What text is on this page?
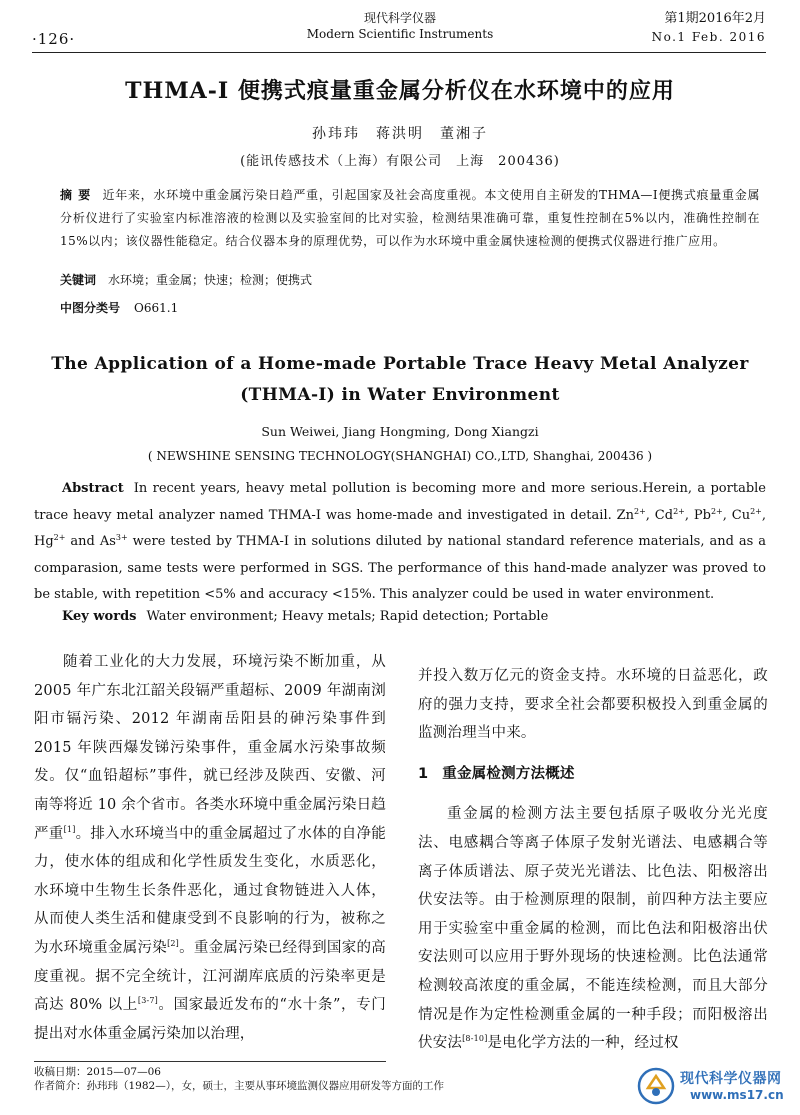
·126·
现代科学仪器
Modern Scientific Instruments
第1期2016年2月
No.1 Feb. 2016
THMA-I 便携式痕量重金属分析仪在水环境中的应用
孙玮玮　蒋洪明　董湘子
(能讯传感技术（上海）有限公司　上海　200436)
摘要 近年来，水环境中重金属污染日趋严重，引起国家及社会高度重视。本文使用自主研发的THMA—I便携式痕量重金属分析仪进行了实验室内标准溶液的检测以及实验室间的比对实验，检测结果准确可靠，重复性控制在5%以内，准确性控制在15%以内；该仪器性能稳定。结合仪器本身的原理优势，可以作为水环境中重金属快速检测的便携式仪器进行推广应用。
关键词 水环境；重金属；快速；检测；便携式
中图分类号 O661.1
The Application of a Home-made Portable Trace Heavy Metal Analyzer (THMA-I) in Water Environment
Sun Weiwei, Jiang Hongming, Dong Xiangzi
( NEWSHINE SENSING TECHNOLOGY(SHANGHAI) CO.,LTD, Shanghai, 200436 )
Abstract In recent years, heavy metal pollution is becoming more and more serious.Herein, a portable trace heavy metal analyzer named THMA-I was home-made and investigated in detail. $Zn^{2+}$, $Cd^{2+}$, $Pb^{2+}$, $Cu^{2+}$, $Hg^{2+}$ and $As^{3+}$ were tested by THMA-I in solutions diluted by national standard reference materials, and as a comparasion, same tests were performed in SGS. The performance of this hand-made analyzer was proved to be stable, with repetition <5% and accuracy <15%. This analyzer could be used in water environment.
Key words Water environment; Heavy metals; Rapid detection; Portable

随着工业化的大力发展，环境污染不断加重，从 2005 年广东北江韶关段镉严重超标、2009 年湖南浏阳市镉污染、2012 年湖南岳阳县的砷污染事件到 2015 年陕西爆发锑污染事件，重金属水污染事故频发。仅“血铅超标”事件，就已经涉及陕西、安徽、河南等将近 10 余个省市。各类水环境中重金属污染日趋严重[1]。排入水环境当中的重金属超过了水体的自净能力，使水体的组成和化学性质发生变化，水质恶化，水环境中生物生长条件恶化，通过食物链进入人体，从而使人类生活和健康受到不良影响的行为，被称之为水环境重金属污染[2]。重金属污染已经得到国家的高度重视。据不完全统计，江河湖库底质的污染率更是高达 80% 以上[3-7]。国家最近发布的“水十条”，专门提出对水体重金属污染加以治理，

并投入数万亿元的资金支持。水环境的日益恶化，政府的强力支持，要求全社会都要积极投入到重金属的监测治理当中来。

1 重金属检测方法概述

重金属的检测方法主要包括原子吸收分光光度法、电感耦合等离子体原子发射光谱法、电感耦合等离子体质谱法、原子荧光光谱法、比色法、阳极溶出伏安法等。由于检测原理的限制，前四种方法主要应用于实验室中重金属的检测，而比色法和阳极溶出伏安法则可以应用于野外现场的快速检测。比色法通常检测较高浓度的重金属，不能连续检测，而且大部分情况是作为定性检测重金属的一种手段；而阳极溶出伏安法[8-10]是电化学方法的一种，经过权

收稿日期：2015—07—06
作者简介：孙玮玮（1982—），女，硕士，主要从事环境监测仪器应用研发等方面的工作	现代科学仪器网
www.ms17.cn
